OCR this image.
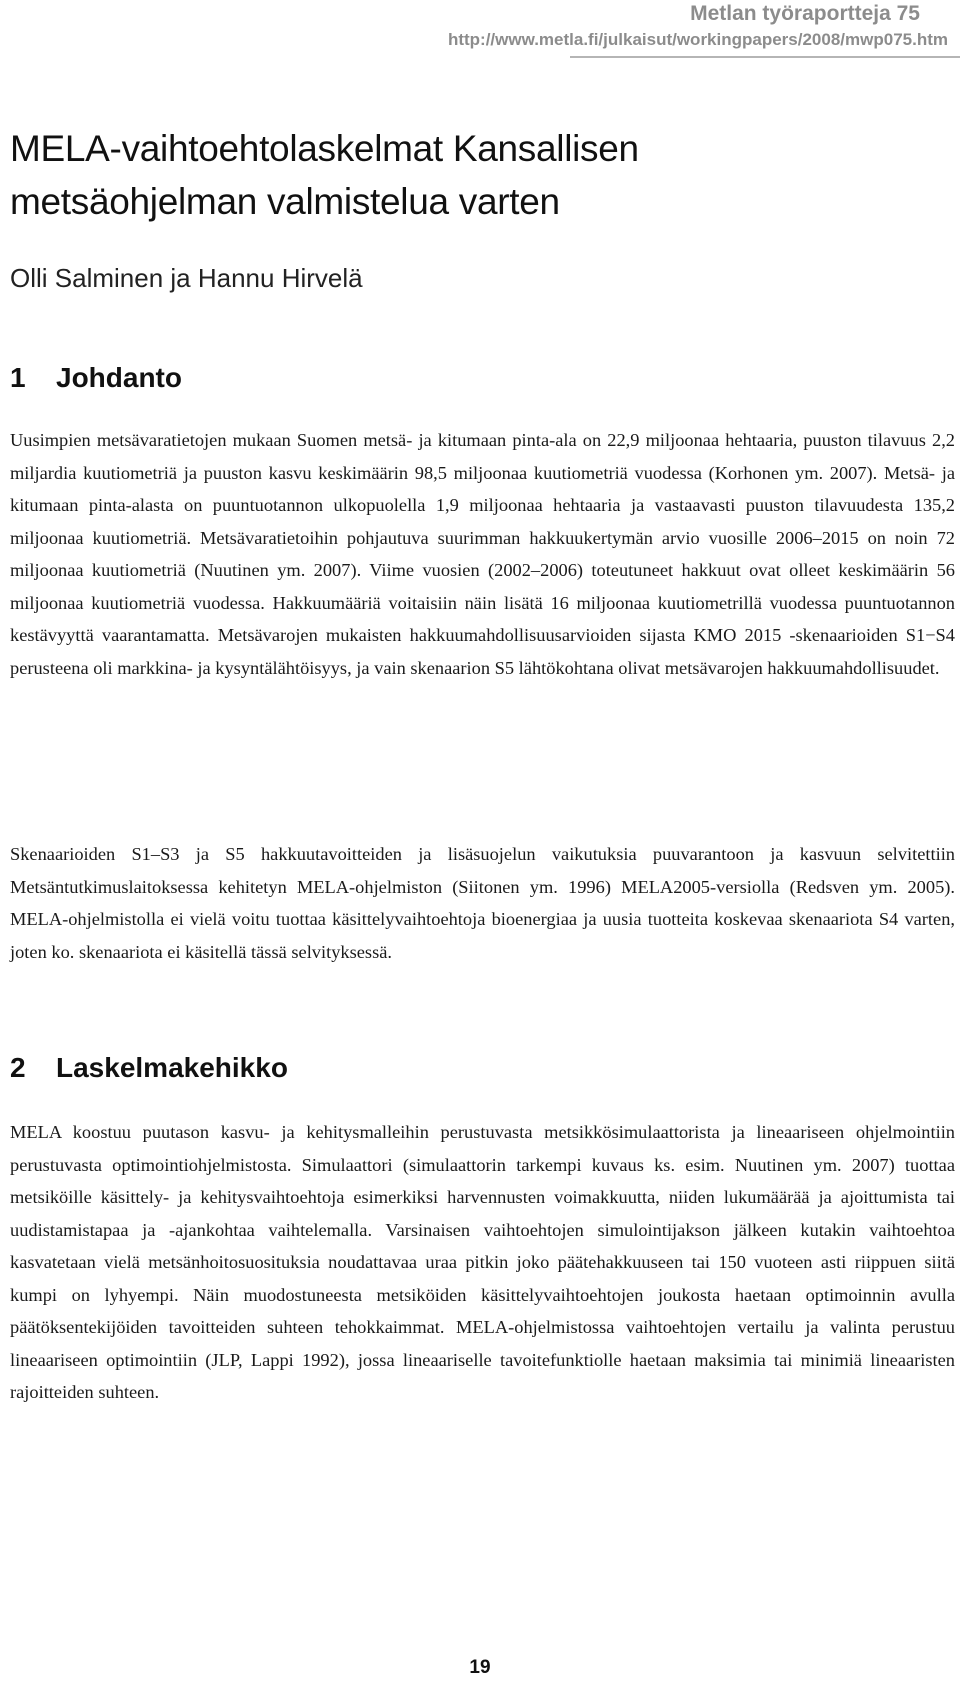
Metlan työraportteja 75
http://www.metla.fi/julkaisut/workingpapers/2008/mwp075.htm
MELA-vaihtoehtolaskelmat Kansallisen
metsäohjelman valmistelua varten
Olli Salminen ja Hannu Hirvelä
1 Johdanto

Uusimpien metsävaratietojen mukaan Suomen metsä- ja kitumaan pinta-ala on 22,9 miljoonaa hehtaaria, puuston tilavuus 2,2 miljardia kuutiometriä ja puuston kasvu keskimäärin 98,5 miljoonaa kuutiometriä vuodessa (Korhonen ym. 2007). Metsä- ja kitumaan pinta-alasta on puuntuotannon ulkopuolella 1,9 miljoonaa hehtaaria ja vastaavasti puuston tilavuudesta 135,2 miljoonaa kuutiometriä. Metsävaratietoihin pohjautuva suurimman hakkuukertymän arvio vuosille 2006–2015 on noin 72 miljoonaa kuutiometriä (Nuutinen ym. 2007). Viime vuosien (2002–2006) toteutuneet hakkuut ovat olleet keskimäärin 56 miljoonaa kuutiometriä vuodessa. Hakkuumääriä voitaisiin näin lisätä 16 miljoonaa kuutiometrillä vuodessa puuntuotannon kestävyyttä vaarantamatta. Metsävarojen mukaisten hakkuumahdollisuusarvioiden sijasta KMO 2015 -skenaarioiden S1−S4 perusteena oli markkina- ja kysyntälähtöisyys, ja vain skenaarion S5 lähtökohtana olivat metsävarojen hakkuumahdollisuudet.

Skenaarioiden S1–S3 ja S5 hakkuutavoitteiden ja lisäsuojelun vaikutuksia puuvarantoon ja kasvuun selvitettiin Metsäntutkimuslaitoksessa kehitetyn MELA-ohjelmiston (Siitonen ym. 1996) MELA2005-versiolla (Redsven ym. 2005). MELA-ohjelmistolla ei vielä voitu tuottaa käsittelyvaihtoehtoja bioenergiaa ja uusia tuotteita koskevaa skenaariota S4 varten, joten ko. skenaariota ei käsitellä tässä selvityksessä.

2 Laskelmakehikko

MELA koostuu puutason kasvu- ja kehitysmalleihin perustuvasta metsikkösimulaattorista ja lineaariseen ohjelmointiin perustuvasta optimointiohjelmistosta. Simulaattori (simulaattorin tarkempi kuvaus ks. esim. Nuutinen ym. 2007) tuottaa metsiköille käsittely- ja kehitysvaihtoehtoja esimerkiksi harvennusten voimakkuutta, niiden lukumäärää ja ajoittumista tai uudistamistapaa ja -ajankohtaa vaihtelemalla. Varsinaisen vaihtoehtojen simulointijakson jälkeen kutakin vaihtoehtoa kasvatetaan vielä metsänhoitosuosituksia noudattavaa uraa pitkin joko päätehakkuuseen tai 150 vuoteen asti riippuen siitä kumpi on lyhyempi. Näin muodostuneesta metsiköiden käsittelyvaihtoehtojen joukosta haetaan optimoinnin avulla päätöksentekijöiden tavoitteiden suhteen tehokkaimmat. MELA-ohjelmistossa vaihtoehtojen vertailu ja valinta perustuu lineaariseen optimointiin (JLP, Lappi 1992), jossa lineaariselle tavoitefunktiolle haetaan maksimia tai minimiä lineaaristen rajoitteiden suhteen.

19
